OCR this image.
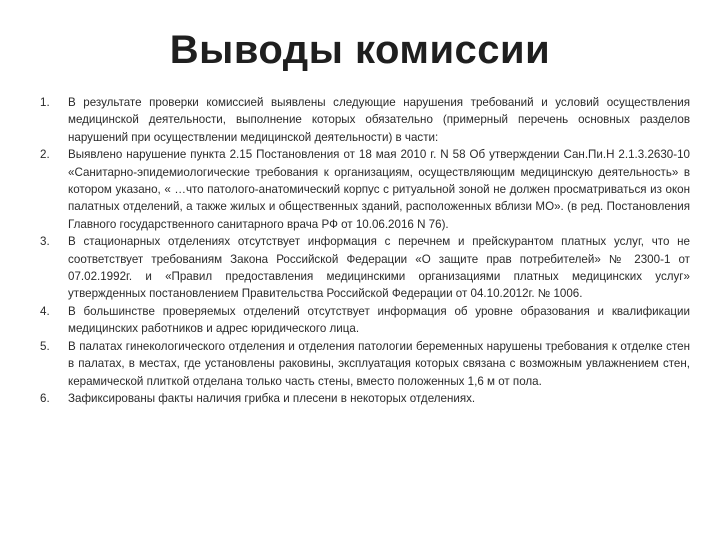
Выводы комиссии
1. В результате проверки комиссией выявлены следующие нарушения требований и условий осуществления медицинской деятельности, выполнение которых обязательно (примерный перечень основных разделов нарушений при осуществлении медицинской деятельности) в части:
2. Выявлено нарушение пункта 2.15 Постановления от 18 мая 2010 г. N 58 Об утверждении Сан.Пи.Н 2.1.3.2630-10 «Санитарно-эпидемиологические требования к организациям, осуществляющим медицинскую деятельность» в котором указано, « …что патолого-анатомический корпус с ритуальной зоной не должен просматриваться из окон палатных отделений, а также жилых и общественных зданий, расположенных вблизи МО». (в ред. Постановления Главного государственного санитарного врача РФ от 10.06.2016 N 76).
3. В стационарных отделениях отсутствует информация с перечнем и прейскурантом платных услуг, что не соответствует требованиям Закона Российской Федерации «О защите прав потребителей» № 2300-1 от 07.02.1992г. и «Правил предоставления медицинскими организациями платных медицинских услуг» утвержденных постановлением Правительства Российской Федерации от 04.10.2012г. № 1006.
4. В большинстве проверяемых отделений отсутствует информация об уровне образования и квалификации медицинских работников и адрес юридического лица.
5. В палатах гинекологического отделения и отделения патологии беременных нарушены требования к отделке стен в палатах, в местах, где установлены раковины, эксплуатация которых связана с возможным увлажнением стен, керамической плиткой отделана только часть стены, вместо положенных 1,6 м от пола.
6. Зафиксированы факты наличия грибка и плесени в некоторых отделениях.
